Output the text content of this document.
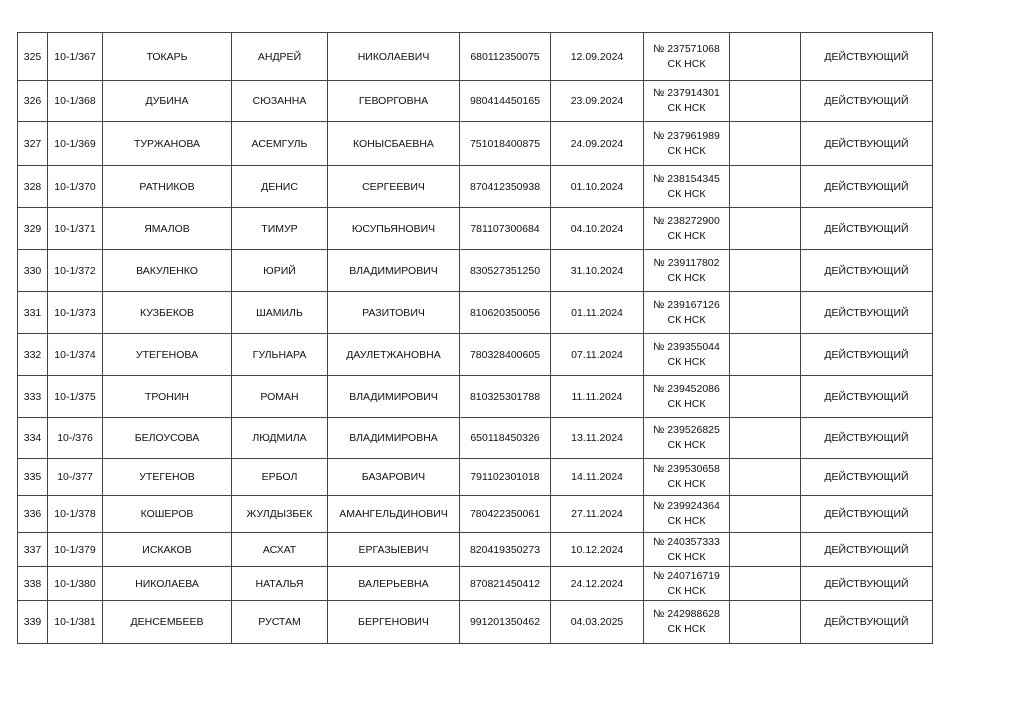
325	10-1/367	ТОКАРЬ	АНДРЕЙ	НИКОЛАЕВИЧ	680112350075	12.09.2024	№ 237571068
СК НСК		ДЕЙСТВУЮЩИЙ
326	10-1/368	ДУБИНА	СЮЗАННА	ГЕВОРГОВНА	980414450165	23.09.2024	№ 237914301
СК НСК		ДЕЙСТВУЮЩИЙ
327	10-1/369	ТУРЖАНОВА	АСЕМГУЛЬ	КОНЫСБАЕВНА	751018400875	24.09.2024	№ 237961989
СК НСК		ДЕЙСТВУЮЩИЙ
328	10-1/370	РАТНИКОВ	ДЕНИС	СЕРГЕЕВИЧ	870412350938	01.10.2024	№ 238154345
СК НСК		ДЕЙСТВУЮЩИЙ
329	10-1/371	ЯМАЛОВ	ТИМУР	ЮСУПЬЯНОВИЧ	781107300684	04.10.2024	№ 238272900
СК НСК		ДЕЙСТВУЮЩИЙ
330	10-1/372	ВАКУЛЕНКО	ЮРИЙ	ВЛАДИМИРОВИЧ	830527351250	31.10.2024	№ 239117802
СК НСК		ДЕЙСТВУЮЩИЙ
331	10-1/373	КУЗБЕКОВ	ШАМИЛЬ	РАЗИТОВИЧ	810620350056	01.11.2024	№ 239167126
СК НСК		ДЕЙСТВУЮЩИЙ
332	10-1/374	УТЕГЕНОВА	ГУЛЬНАРА	ДАУЛЕТЖАНОВНА	780328400605	07.11.2024	№ 239355044
СК НСК		ДЕЙСТВУЮЩИЙ
333	10-1/375	ТРОНИН	РОМАН	ВЛАДИМИРОВИЧ	810325301788	11.11.2024	№ 239452086
СК НСК		ДЕЙСТВУЮЩИЙ
334	10-/376	БЕЛОУСОВА	ЛЮДМИЛА	ВЛАДИМИРОВНА	650118450326	13.11.2024	№ 239526825
СК НСК		ДЕЙСТВУЮЩИЙ
335	10-/377	УТЕГЕНОВ	ЕРБОЛ	БАЗАРОВИЧ	791102301018	14.11.2024	№ 239530658
СК НСК		ДЕЙСТВУЮЩИЙ
336	10-1/378	КОШЕРОВ	ЖУЛДЫЗБЕК	АМАНГЕЛЬДИНОВИЧ	780422350061	27.11.2024	№ 239924364
СК НСК		ДЕЙСТВУЮЩИЙ
337	10-1/379	ИСКАКОВ	АСХАТ	ЕРГАЗЫЕВИЧ	820419350273	10.12.2024	№ 240357333
СК НСК		ДЕЙСТВУЮЩИЙ
338	10-1/380	НИКОЛАЕВА	НАТАЛЬЯ	ВАЛЕРЬЕВНА	870821450412	24.12.2024	№ 240716719
СК НСК		ДЕЙСТВУЮЩИЙ
339	10-1/381	ДЕНСЕМБЕЕВ	РУСТАМ	БЕРГЕНОВИЧ	991201350462	04.03.2025	№ 242988628
СК НСК		ДЕЙСТВУЮЩИЙ
